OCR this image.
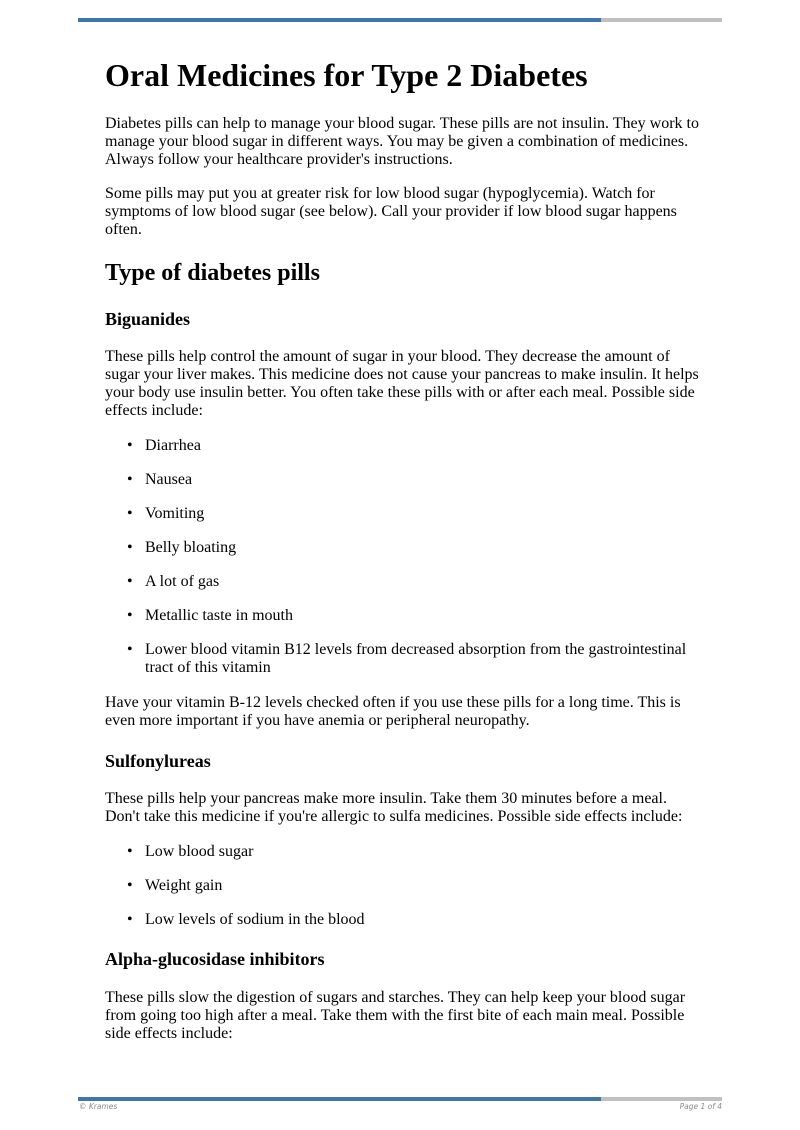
Oral Medicines for Type 2 Diabetes

Diabetes pills can help to manage your blood sugar. These pills are not insulin. They work to manage your blood sugar in different ways. You may be given a combination of medicines. Always follow your healthcare provider's instructions.

Some pills may put you at greater risk for low blood sugar (hypoglycemia). Watch for symptoms of low blood sugar (see below). Call your provider if low blood sugar happens often.

Type of diabetes pills
Biguanides

These pills help control the amount of sugar in your blood. They decrease the amount of sugar your liver makes. This medicine does not cause your pancreas to make insulin. It helps your body use insulin better. You often take these pills with or after each meal. Possible side effects include:

• Diarrhea
• Nausea
• Vomiting
• Belly bloating
• A lot of gas
• Metallic taste in mouth
• Lower blood vitamin B12 levels from decreased absorption from the gastrointestinal tract of this vitamin

Have your vitamin B-12 levels checked often if you use these pills for a long time. This is even more important if you have anemia or peripheral neuropathy.

Sulfonylureas

These pills help your pancreas make more insulin. Take them 30 minutes before a meal. Don't take this medicine if you're allergic to sulfa medicines. Possible side effects include:

• Low blood sugar
• Weight gain
• Low levels of sodium in the blood
Alpha-glucosidase inhibitors

These pills slow the digestion of sugars and starches. They can help keep your blood sugar from going too high after a meal. Take them with the first bite of each main meal. Possible side effects include:

© Krames	Page 1 of 4
